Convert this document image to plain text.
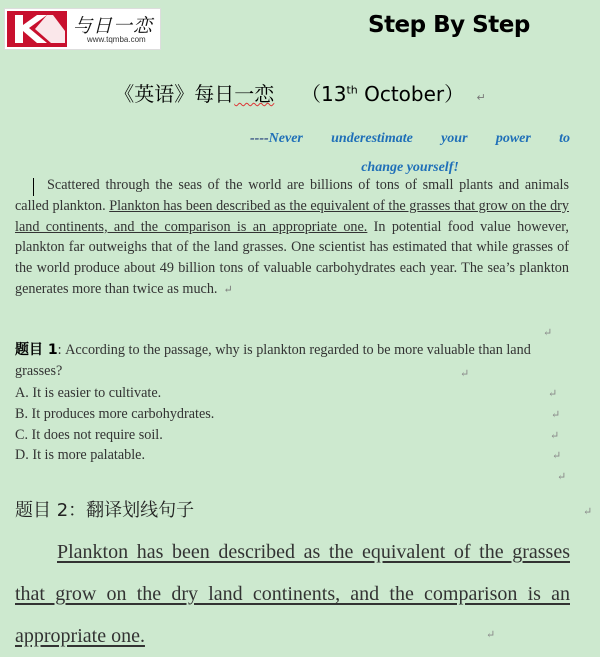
与日一恋
www.tqmba.com
Step By Step
《英语》每日一恋 （13th October） ↵
----Never underestimate your power to
change yourself!
Scattered through the seas of the world are billions of tons of small plants and animals called plankton. Plankton has been described as the equivalent of the grasses that grow on the dry land continents, and the comparison is an appropriate one. In potential food value however, plankton far outweighs that of the land grasses. One scientist has estimated that while grasses of the world produce about 49 billion tons of valuable carbohydrates each year. The sea’s plankton generates more than twice as much. ↵
↵
题目 1: According to the passage, why is plankton regarded to be more valuable than land grasses?	↵
A. It is easier to cultivate.	↵
B. It produces more carbohydrates.	↵
C. It does not require soil.	↵
D. It is more palatable.	↵
↵
题目 2：翻译划线句子	↵
Plankton has been described as the equivalent of the grasses that grow on the dry land continents, and the comparison is an appropriate one.	↵
